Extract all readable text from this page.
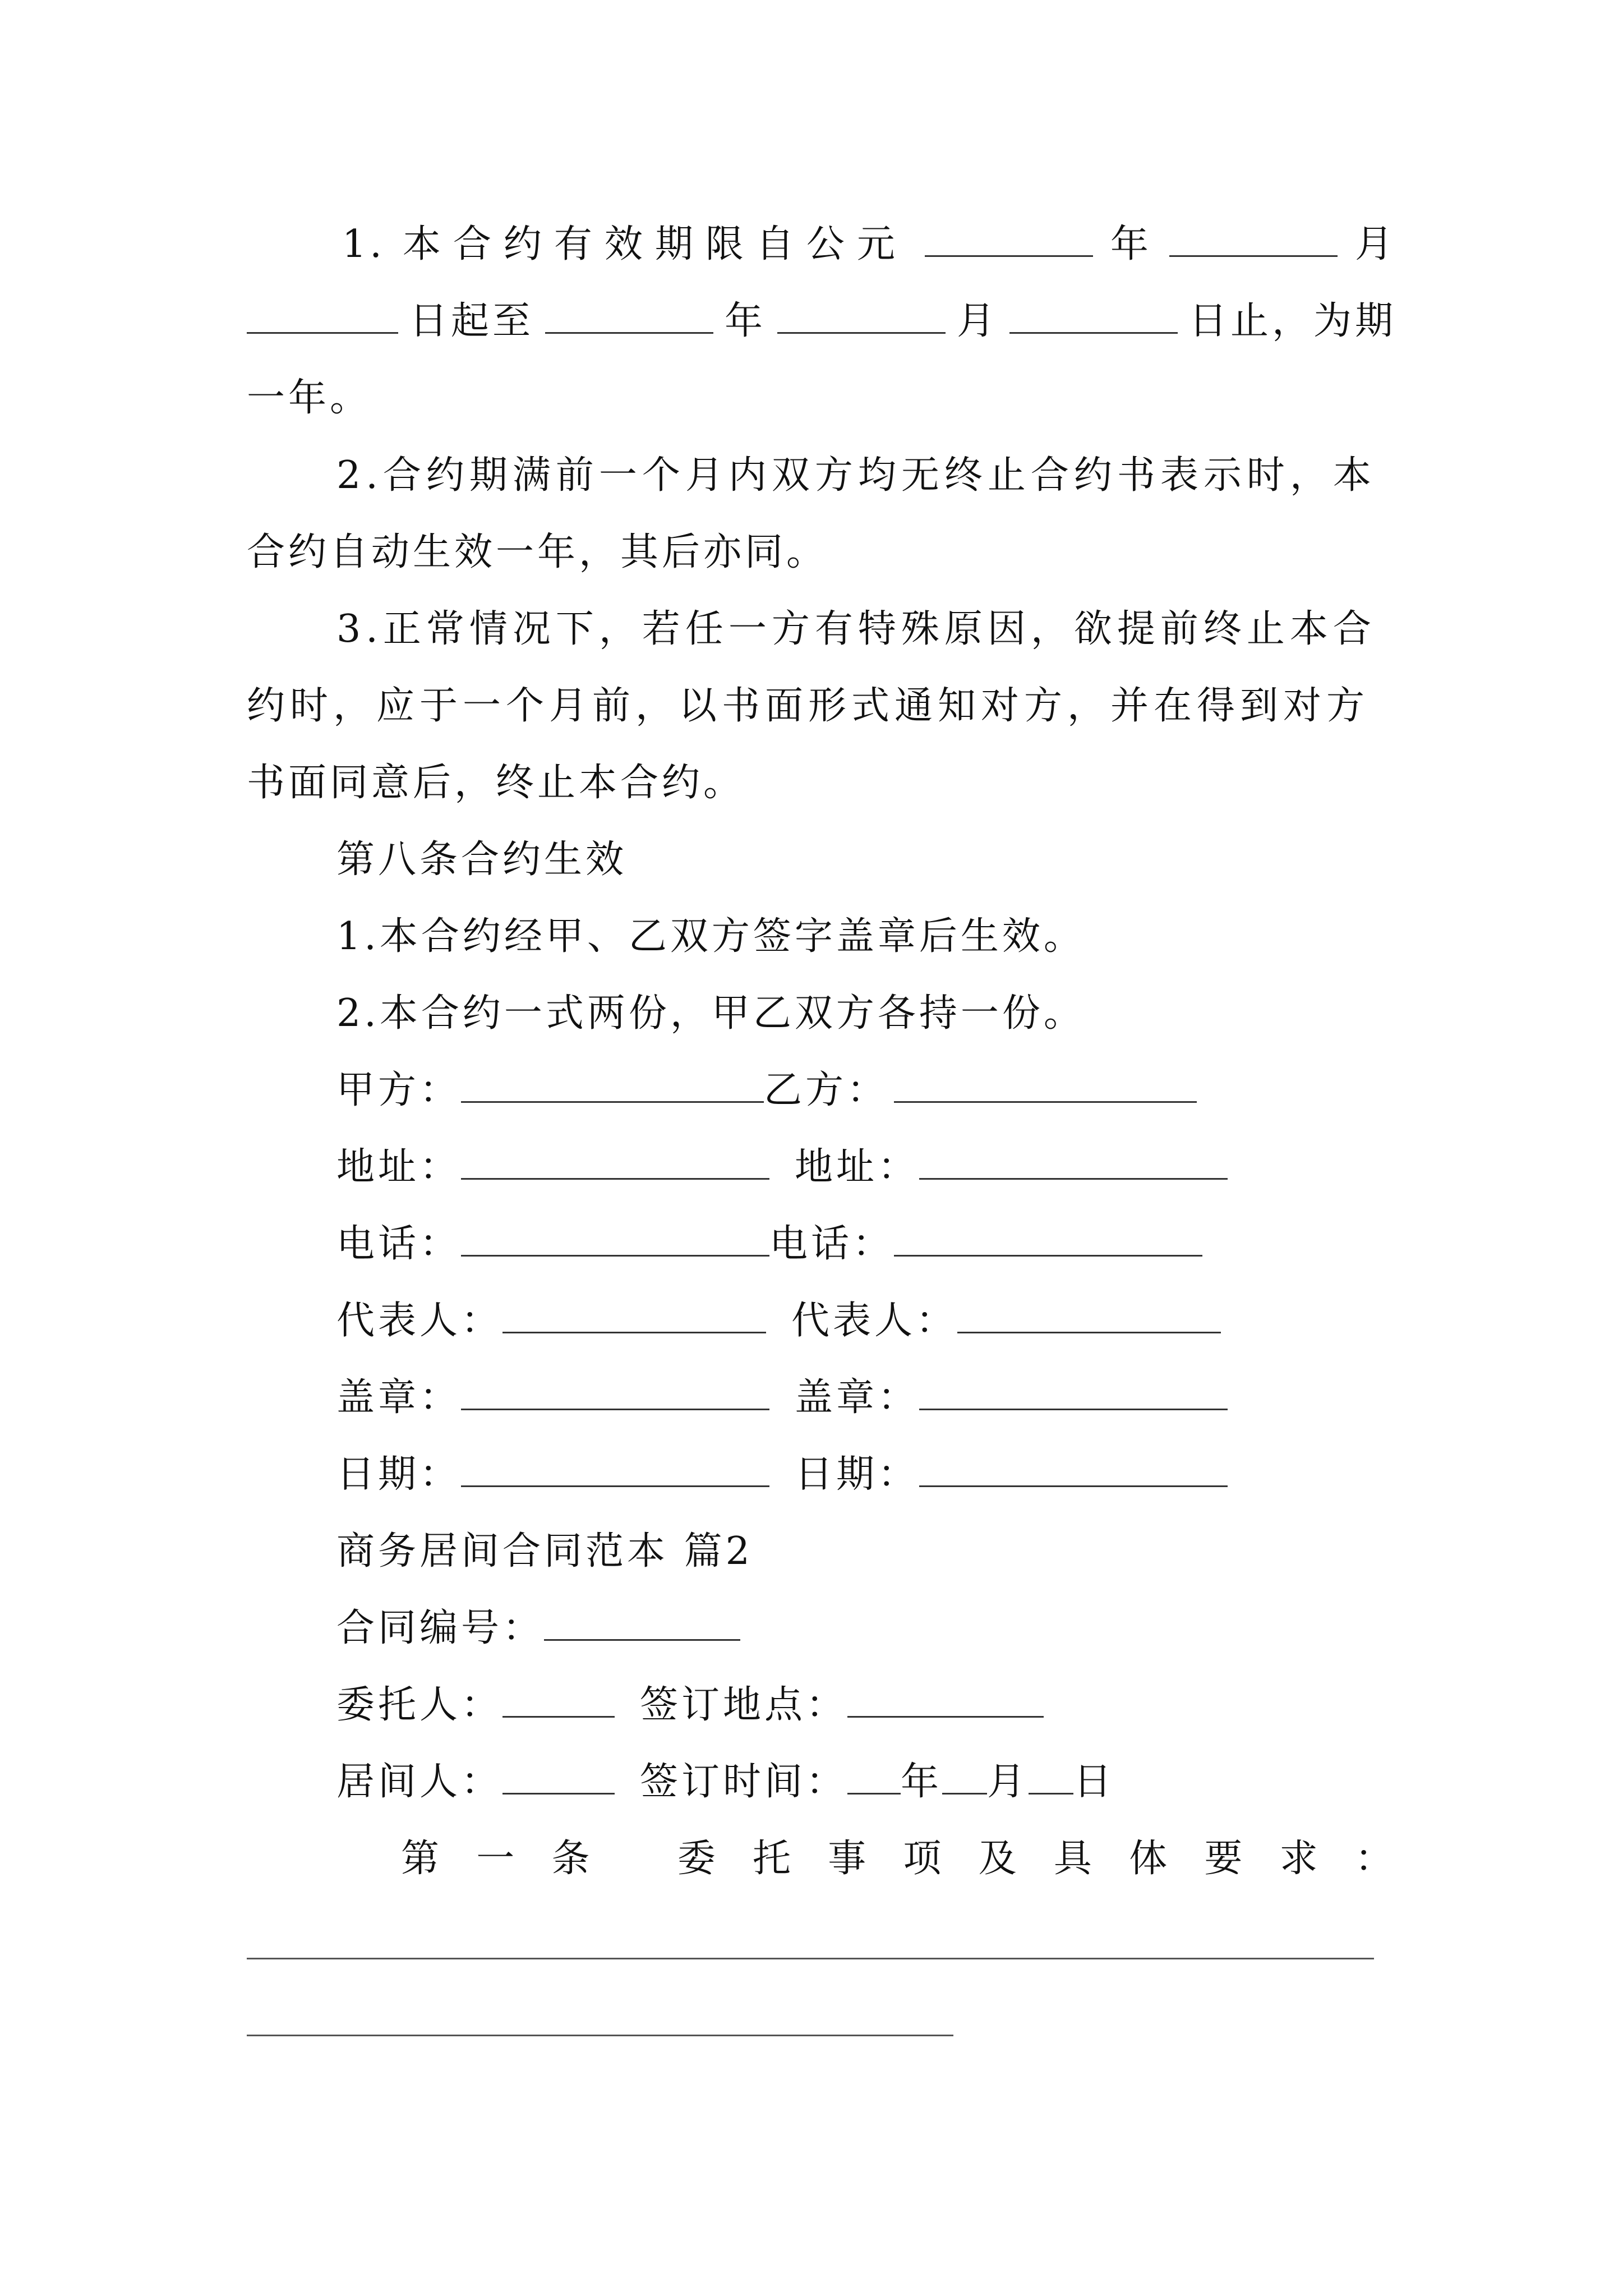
1. 本合约有效期限自公元	年	月
日起至	年	月	日止，为期
一年。
2.合约期满前一个月内双方均无终止合约书表示时，本
合约自动生效一年，其后亦同。
3.正常情况下，若任一方有特殊原因，欲提前终止本合
约时，应于一个月前，以书面形式通知对方，并在得到对方
书面同意后，终止本合约。
第八条合约生效
1.本合约经甲、乙双方签字盖章后生效。
2.本合约一式两份，甲乙双方各持一份。
甲方：	乙方：
地址：	地址：
电话：	电话：
代表人：	代表人：
盖章：	盖章：
日期：	日期：
商务居间合同范本 篇2
合同编号：
委托人：	签订地点：
居间人：	签订时间： 年 月 日
第 一 条 委 托 事 项 及 具 体 要 求 ：
